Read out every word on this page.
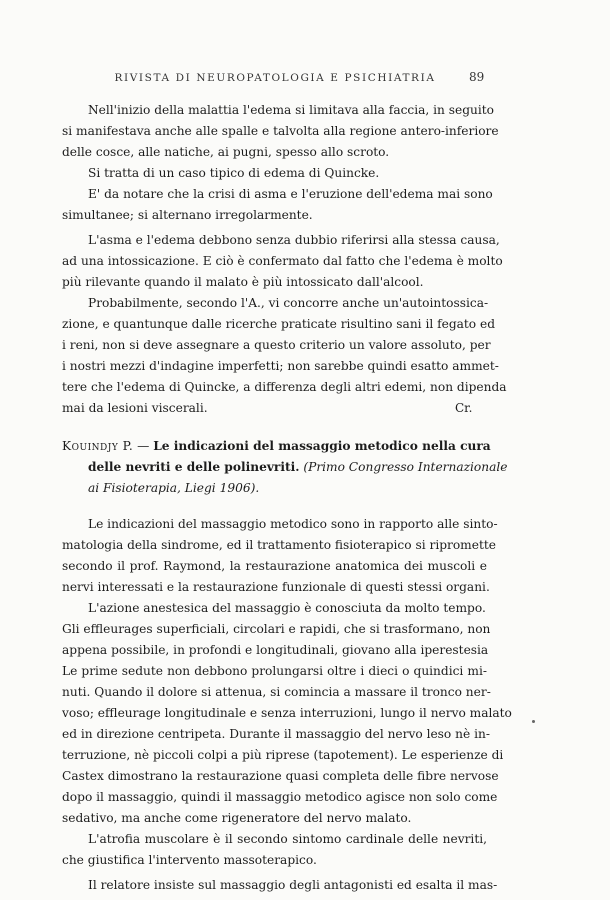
RIVISTA DI NEUROPATOLOGIA E PSICHIATRIA	89
Nell'inizio della malattia l'edema si limitava alla faccia, in seguito
si manifestava anche alle spalle e talvolta alla regione antero-inferiore
delle cosce, alle natiche, ai pugni, spesso allo scroto.
Si tratta di un caso tipico di edema di Quincke.
E' da notare che la crisi di asma e l'eruzione dell'edema mai sono
simultanee; si alternano irregolarmente.
L'asma e l'edema debbono senza dubbio riferirsi alla stessa causa,
ad una intossicazione. E ciò è confermato dal fatto che l'edema è molto
più rilevante quando il malato è più intossicato dall'alcool.
Probabilmente, secondo l'A., vi concorre anche un'autointossica-
zione, e quantunque dalle ricerche praticate risultino sani il fegato ed
i reni, non si deve assegnare a questo criterio un valore assoluto, per
i nostri mezzi d'indagine imperfetti; non sarebbe quindi esatto ammet-
tere che l'edema di Quincke, a differenza degli altri edemi, non dipenda
mai da lesioni viscerali.	Cr.
Kouindjy P. — Le indicazioni del massaggio metodico nella cura
delle nevriti e delle polinevriti. (Primo Congresso Internazionale
ai Fisioterapia, Liegi 1906).
Le indicazioni del massaggio metodico sono in rapporto alle sinto-
matologia della sindrome, ed il trattamento fisioterapico si ripromette
secondo il prof. Raymond, la restaurazione anatomica dei muscoli e
nervi interessati e la restaurazione funzionale di questi stessi organi.
L'azione anestesica del massaggio è conosciuta da molto tempo.
Gli effleurages superficiali, circolari e rapidi, che si trasformano, non
appena possibile, in profondi e longitudinali, giovano alla iperestesia
Le prime sedute non debbono prolungarsi oltre i dieci o quindici mi-
nuti. Quando il dolore si attenua, si comincia a massare il tronco ner-
voso; effleurage longitudinale e senza interruzioni, lungo il nervo malato
ed in direzione centripeta. Durante il massaggio del nervo leso nè in-
terruzione, nè piccoli colpi a più riprese (tapotement). Le esperienze di
Castex dimostrano la restaurazione quasi completa delle fibre nervose
dopo il massaggio, quindi il massaggio metodico agisce non solo come
sedativo, ma anche come rigeneratore del nervo malato.
L'atrofia muscolare è il secondo sintomo cardinale delle nevriti,
che giustifica l'intervento massoterapico.
Il relatore insiste sul massaggio degli antagonisti ed esalta il mas-
